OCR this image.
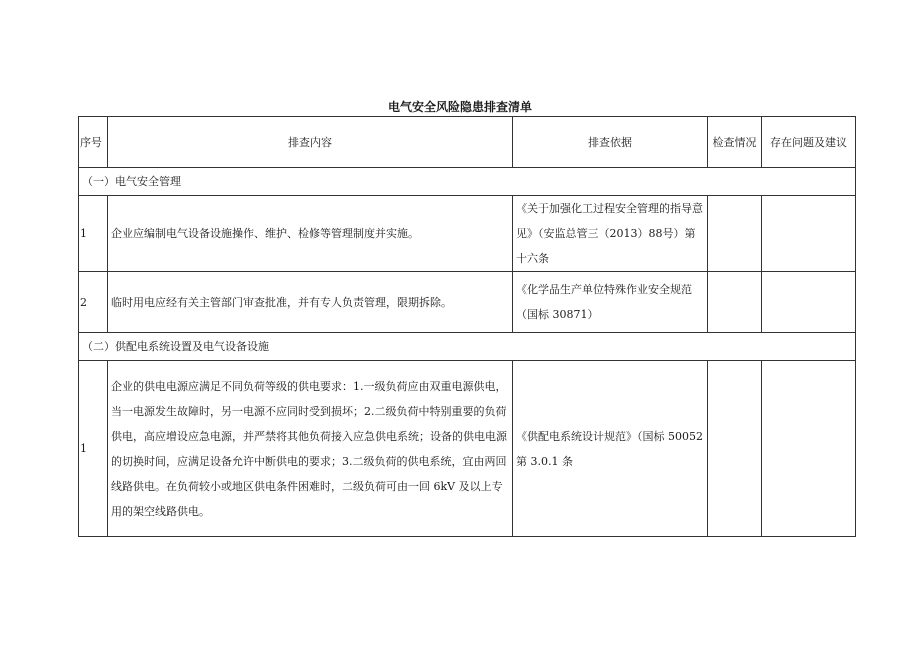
电气安全风险隐患排查清单
序号	排查内容	排查依据	检查情况	存在问题及建议
（一）电气安全管理				
1	企业应编制电气设备设施操作、维护、检修等管理制度并实施。	《关于加强化工过程安全管理的指导意见》（安监总管三（2013）88号）第十六条		
2	临时用电应经有关主管部门审查批准，并有专人负责管理，限期拆除。	《化学品生产单位特殊作业安全规范（国标 30871）		
（二）供配电系统设置及电气设备设施				
1	企业的供电电源应满足不同负荷等级的供电要求：1.一级负荷应由双重电源供电，当一电源发生故障时，另一电源不应同时受到损坏；2.二级负荷中特别重要的负荷供电，高应增设应急电源，并严禁将其他负荷接入应急供电系统；设备的供电电源的切换时间，应满足设备允许中断供电的要求；3.二级负荷的供电系统，宜由两回线路供电。在负荷较小或地区供电条件困难时，二级负荷可由一回 6kV 及以上专用的架空线路供电。	《供配电系统设计规范》（国标 50052 第 3.0.1 条		
